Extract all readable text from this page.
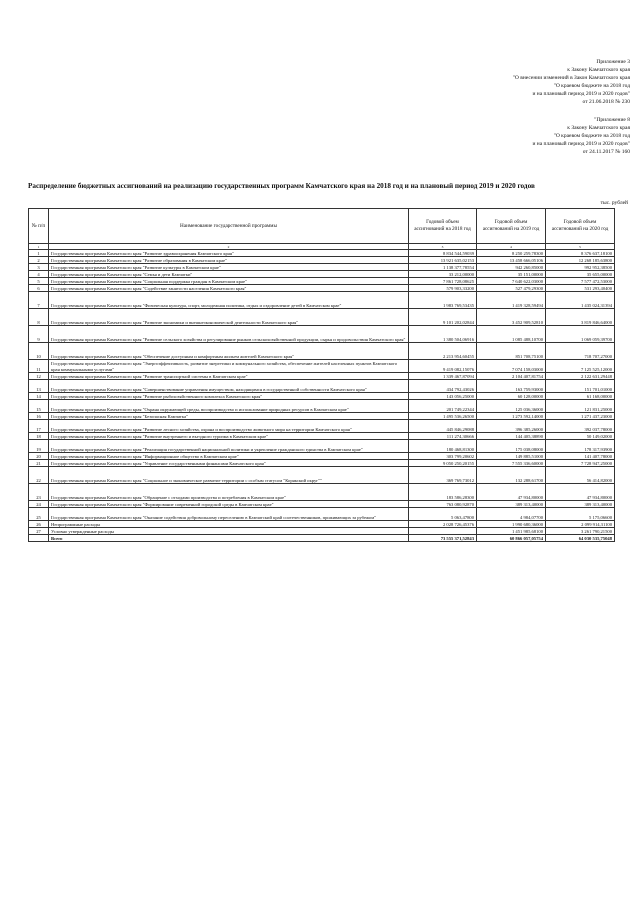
Приложение 3
к Закону Камчатского края
"О внесении изменений в Закон Камчатского края
"О краевом бюджете на 2018 год
и на плановый период 2019 и 2020 годов"
от 21.06.2018 № 230
"Приложение 8
к Закону Камчатского края
"О краевом бюджете на 2018 год
и на плановый период 2019 и 2020 годов"
от 24.11.2017 № 160
Распределение бюджетных ассигнований на реализацию государственных программ Камчатского края на 2018 год и на плановый период 2019 и 2020 годов
тыс. рублей
№ п/п	Наименование государственной программы	Годовой объем ассигнований на 2018 год	Годовой объем ассигнований на 2019 год	Годовой объем ассигнований на 2020 год
1	2	3	4	5
1	Государственная программа Камчатского края "Развитие здравоохранения Камчатского края"	8 834 544,59039	8 250 259,78300	8 376 637,18100
2	Государственная программа Камчатского края "Развитие образования в Камчатском крае"	13 921 635,02153	13 458 666,05106	12 268 185,63800
3	Государственная программа Камчатского края "Развитие культуры в Камчатском крае"	1 138 377,78554	942 260,85000	992 952,38500
4	Государственная программа Камчатского края "Семья и дети Камчатки"	33 212,00000	35 151,00000	35 655,00000
5	Государственная программа Камчатского края "Социальная поддержка граждан в Камчатском крае"	7 861 728,08625	7 640 622,03000	7 577 472,53000
6	Государственная программа Камчатского края "Содействие занятости населения Камчатского края"	579 903,33200	527 479,29300	531 293,40400
7	Государственная программа Камчатского края "Физическая культура, спорт, молодежная политика, отдых и оздоровление детей в Камчатском крае"	1 983 769,53435	1 419 328,59494	1 435 024,31394
8	Государственная программа Камчатского края "Развитие экономики и внешнеэкономической деятельности Камчатского края"	9 101 202,02844	3 452 909,52810	3 819 846,64000
9	Государственная программа Камчатского края "Развитие сельского хозяйства и регулирование рынков сельскохозяйственной продукции, сырья и продовольствия Камчатского края"	1 380 504,06916	1 085 488,10700	1 069 059,39700
10	Государственная программа Камчатского края "Обеспечение доступным и комфортным жильем жителей Камчатского края"	2 213 954,60455	851 708,75100	718 707,27000
11	Государственная программа Камчатского края "Энергоэффективность, развитие энергетики и коммунального хозяйства, обеспечение жителей населенных пунктов Камчатского края коммунальными услугами"	9 419 082,15076	7 074 158,03000	7 125 525,12000
12	Государственная программа Камчатского края "Развитие транспортной системы в Камчатском крае"	1 339 467,87094	2 104 407,81754	2 122 631,29448
13	Государственная программа Камчатского края "Совершенствование управления имуществом, находящимся в государственной собственности Камчатского края"	434 792,43026	163 759,93000	151 701,01000
14	Государственная программа Камчатского края "Развитие рыбохозяйственного комплекса Камчатского края"	143 056,25000	60 128,00000	61 168,00000
15	Государственная программа Камчатского края "Охрана окружающей среды, воспроизводство и использование природных ресурсов в Камчатском крае"	201 749,22344	125 036,36000	121 831,25000
16	Государственная программа Камчатского края "Безопасная Камчатка"	1 495 536,26500	1 273 592,14000	1 271 437,23000
17	Государственная программа Камчатского края "Развитие лесного хозяйства, охрана и воспроизводство животного мира на территории Камчатского края"	445 846,29088	396 385,26000	392 037,78000
18	Государственная программа Камчатского края "Развитие внутреннего и въездного туризма в Камчатском крае"	111 274,30666	144 405,38890	50 149,02000
19	Государственная программа Камчатского края "Реализация государственной национальной политики и укрепление гражданского единства в Камчатском крае"	180 468,81300	175 038,08000	178 317,93900
20	Государственная программа Камчатского края "Информационное общество в Камчатском крае"	303 799,20602	149 885,51000	141 407,78000
21	Государственная программа Камчатского края "Управление государственными финансами Камчатского края"	9 050 250,20155	7 555 336,60000	7 728 947,25000
22	Государственная программа Камчатского края "Социальное и экономическое развитие территории с особым статусом "Корякский округ""	369 769,73012	132 288,61700	56 414,82000
23	Государственная программа Камчатского края "Обращение с отходами производства и потребления в Камчатском крае"	183 586,28300	47 934,80000	47 934,80000
24	Государственная программа Камчатского края "Формирование современной городской среды в Камчатском крае"	763 080,92870	389 313,40000	389 313,40000
25	Государственная программа Камчатского края "Оказание содействия добровольному переселению в Камчатский край соотечественников, проживающих за рубежом"	5 063,47800	4 984,07700	5 175,06600
26	Непрограммные расходы	2 028 726,45376	1 990 680,36000	2 099 914,31100
27	Условно утвержденные расходы		1 451 985,68100	3 261 790,21500
	Всего	73 555 371,52843	60 866 057,05754	64 030 535,75048
